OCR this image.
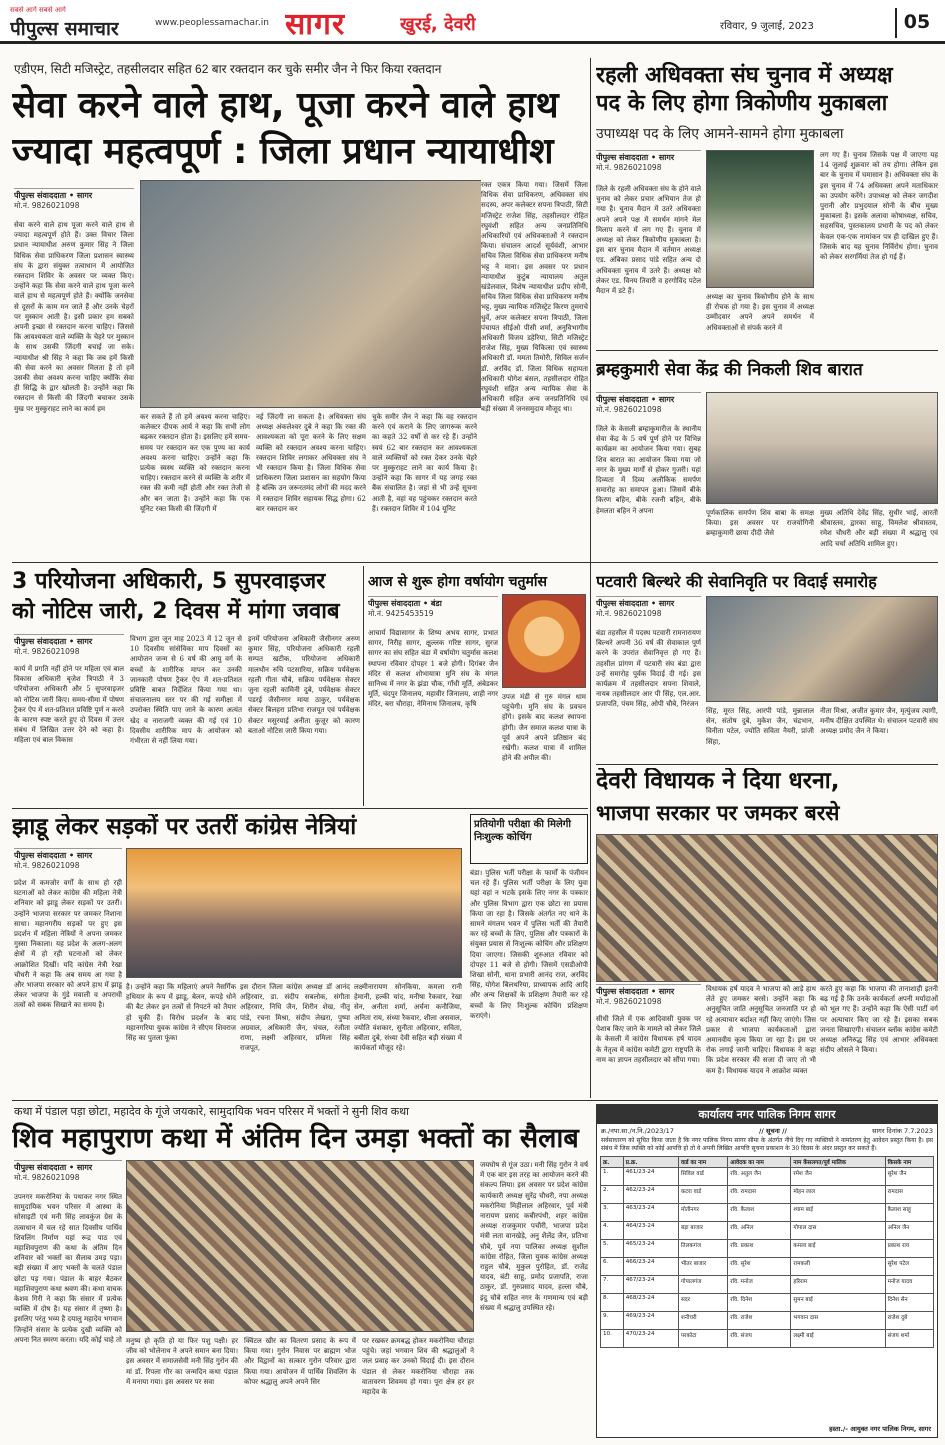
सबसे आगे सबसे आगे
पीपुल्स समाचार	www.peoplessamachar.in सागर	खुरई, देवरी	रविवार, 9 जुलाई, 2023	05
एडीएम, सिटी मजिस्ट्रेट, तहसीलदार सहित 62 बार रक्तदान कर चुके समीर जैन ने फिर किया रक्तदान
सेवा करने वाले हाथ, पूजा करने वाले हाथ
ज्यादा महत्वपूर्ण : जिला प्रधान न्यायाधीश
पीपुल्स संवाददाता • सागर
मो.नं. 9826021098
सेवा करने वाले हाथ पूजा करने वाले हाथ से ज्यादा महत्वपूर्ण होते हैं। उक्त विचार जिला प्रधान न्यायाधीश अरुण कुमार सिंह ने जिला विधिक सेवा प्राधिकरण जिला प्रशासन स्वास्थ्य संघ के द्वारा संयुक्त तत्वाधान में आयोजित रक्तदान शिविर के अवसर पर व्यक्त किए। उन्होंने कहा कि सेवा करने वाले हाथ पूजा करने वाले हाथ से महत्वपूर्ण होते हैं। क्योंकि जनसेवा से दूसरों के काम मन जाते हैं और उनके चेहरों पर मुस्कान आती है। इसी प्रकार हम सबको अपनी इच्छा से रक्तदान करना चाहिए। जिससे कि आवश्यकता वाले व्यक्ति के चेहरे पर मुस्कान के साथ उसकी जिंदगी बचाई जा सके। न्यायाधीश श्री सिंह ने कहा कि जब हमें किसी की सेवा करने का अवसर मिलता है तो हमें उसकी सेवा अवश्य करना चाहिए क्योंकि सेवा ही सिद्धि के द्वार खोलती है। उन्होंने कहा कि रक्तदान से किसी की जिंदगी बचाकर उसके मुख पर मुस्कुराहट लाने का कार्य हम
कर सकते हैं तो हमें अवश्य करना चाहिए। कलेक्टर दीपक आर्य ने कहा कि सभी लोग बढ़कर रक्तदान होता है। इसलिए हमें समय-समय पर रक्तदान कर एक पुण्य का कार्य अवश्य करना चाहिए। उन्होंने कहा कि प्रत्येक स्वस्थ व्यक्ति को रक्तदान करना चाहिए। रक्तदान करने से व्यक्ति के शरीर में रक्त की कमी नहीं होती और रक्त तेजी से और बन जाता है। उन्होंने कहा कि एक यूनिट रक्त किसी की जिंदगी में
नई जिंदगी ला सकता है। अधिवक्ता संघ अध्यक्ष अंकलेश्वर दुबे ने कहा कि रक्त की आवश्यकता को पूरा करने के लिए सक्षम व्यक्ति को रक्तदान अवश्य करना चाहिए। रक्तदान शिविर लगाकर अधिवक्ता संघ ने भी रक्तदान किया है। जिला विधिक सेवा प्राधिकरण जिला प्रशासन का सहयोग किया है बल्कि उन जरूरतमंद लोगों की मदद करने में रक्तदान शिविर सहायक सिद्ध होगा। 62 बार रक्तदान कर
चुके समीर जैन ने कहा कि वह रक्तदान करने एवं कराने के लिए जागरूक करने का कहते 32 वर्षों से कर रहे हैं। उन्होंने स्वयं 62 बार रक्तदान कर आवश्यकता वाले व्यक्तियों को रक्त देकर उनके चेहरे पर मुस्कुराहट लाने का कार्य किया है। उन्होंने कहा कि सागर में यह जगह रक्त बैंक संचालित है। जहां से भी उन्हें सूचना आती है, वहां वह पहुंचकर रक्तदान करते हैं। रक्तदान शिविर में 104 यूनिट
रक्त एकत्र किया गया। जिसमें जिला विधिक सेवा प्राधिकरण, अधिवक्ता संघ सदस्य, अपर कलेक्टर सपना त्रिपाठी, सिटी मजिस्ट्रेट राजेश सिंह, तहसीलदार रोहित रघुवंशी सहित अन्य जनप्रतिनिधि अधिकारियों एवं अधिवक्ताओं ने रक्तदान किया। संचालन आदर्श सूर्यवंशी, आभार सचिव जिला विधिक सेवा प्राधिकरण मनीष भट्ट ने माना। इस अवसर पर प्रधान न्यायाधीश कुटुंब न्यायालय अतुल खंडेलवाल, विशेष न्यायाधीश प्रदीप सोनी, सचिव जिला विधिक सेवा प्राधिकरण मनीष भट्ट, मुख्य न्यायिक मजिस्ट्रेट किरण तुमराचे धुर्वे, अपर कलेक्टर सपना त्रिपाठी, जिला पंचायत सीईओ पीसी शर्मा, अनुविभागीय अधिकारी विजय डहेरिया, सिटी मजिस्ट्रेट राजेश सिंह, मुख्य चिकित्सा एवं स्वास्थ्य अधिकारी डॉ. ममता तिमोरी, सिविल सर्जन डॉ. अरविंद डॉ. जिला विधिक सहायता अधिकारी योगेश बंसल, तहसीलदार रोहित रघुवंशी सहित अन्य न्यायिक सेवा के अधिकारी सहित अन्य जनप्रतिनिधि एवं बड़ी संख्या में जनसमुदाय मौजूद था।
रहली अधिवक्ता संघ चुनाव में अध्यक्ष
पद के लिए होगा त्रिकोणीय मुकाबला
उपाध्यक्ष पद के लिए आमने-सामने होगा मुकाबला
पीपुल्स संवाददाता • सागर
मो.नं. 9826021098
जिले के रहली अधिवक्ता संघ के होने वाले चुनाव को लेकर प्रचार अभियान तेज हो गया है। चुनाव मैदान में उतरे अधिवक्ता अपने अपने पक्ष में समर्थन मांगने मेल मिलाप करने में लग गए हैं। चुनाव में अध्यक्ष को लेकर त्रिकोणीय मुकाबला है। इस बार चुनाव मैदान में वर्तमान अध्यक्ष एड. अंबिका प्रसाद पांडे सहित अन्य दो अधिवक्ता चुनाव में उतरे हैं। अध्यक्ष को लेकर एड. विनय तिवारी व हरगोविंद पटेल मैदान में डटे हैं।
अध्यक्ष का चुनाव त्रिकोणीय होने के साथ ही रोचक हो गया है। इस चुनाव में अध्यक्ष उम्मीदवार अपने अपने समर्थन में अधिवक्ताओं से संपर्क करने में
लग गए हैं। चुनाव जिसके पक्ष में जाएगा यह 14 जुलाई शुक्रवार को तय होगा। लेकिन इस बार के चुनाव में घमासान है। अधिवक्ता संघ के इस चुनाव में 74 अधिवक्ता अपने मताधिकार का उपयोग करेंगे। उपाध्यक्ष को लेकर जगदीश पुरानी और प्रभुदयाल सोनी के बीच मुख्य मुकाबला है। इसके अलावा कोषाध्यक्ष, सचिव, सहसचिव, पुस्तकालय प्रभारी के पद को लेकर केवल एक-एक नामांकन पत्र ही दाखिल हुए हैं। जिसके बाद यह चुनाव निर्विरोध होगा। चुनाव को लेकर सरगर्मियां तेज हो गई हैं।
ब्रम्हकुमारी सेवा केंद्र की निकली शिव बारात
पीपुल्स संवाददाता • सागर
मो.नं. 9826021098
जिले के केसली ब्रम्हाकुमारीज के स्थानीय सेवा केंद्र के 5 वर्ष पूर्ण होने पर विभिन्न कार्यक्रम का आयोजन किया गया। सुबह शिव बारात का आयोजन किया गया जो नगर के मुख्य मार्गों से होकर गुजरी। यहां दिव्यता में दिव्य अलौकिक समर्पण समारोह का समापन हुआ। जिसमें बीके किरण बहिन, बीके रजनी बहिन, बीके हेमलता बहिन ने अपना	पूर्णकालिक समर्पण शिव बाबा के समक्ष किया। इस अवसर पर राजयोगिनी ब्रम्हाकुमारी छाया दीदी जैसे
मुख्य अतिथि देवेंद्र सिंह, सुधीर भाई, आरती श्रीवास्तव, द्वारका साहू, विमलेश श्रीवास्तव, रमेश चौधरी और बड़ी संख्या में श्रद्धालु एवं आदि चर्चा अतिथि शामिल हुए।
3 परियोजना अधिकारी, 5 सुपरवाइजर
को नोटिस जारी, 2 दिवस में मांगा जवाब
पीपुल्स संवाददाता • सागर
मो.नं. 9826021098
कार्य में प्रगति नहीं होने पर महिला एवं बाल विकास अधिकारी बृजेश त्रिपाठी ने 3 परियोजना अधिकारी और 5 सुपरवाइजर को नोटिस जारी किए। समय-सीमा में पोषण ट्रैकर ऐप में शत-प्रतिशत प्रविष्टि पूर्ण न करने के कारण स्पष्ट करते हुए दो दिवस में उत्तर संबंध में लिखित उत्तर देने को कहा है। महिला एवं बाल विकास
विभाग द्वारा जून माह 2023 में 12 जून से 10 दिवसीय सांसेविका माप दिवसों का आयोजन जन्म से 6 वर्ष की आयु वर्ग के बच्चों के शारीरिक मापन कर उनकी जानकारी पोषण ट्रैकर ऐप में शत-प्रतिशत प्रविष्टि बाबत निर्देशित किया गया था। संचालनालय स्तर पर की गई समीक्षा में उपरोक्त स्थिति पाए जाने के कारण अत्यंत खेद व नाराजगी व्यक्त की गई एवं 10 दिवसीय शारीरिक माप के आयोजन को गंभीरता से नहीं लिया गया।
इनमें परियोजना अधिकारी जैसीनगर अरुण कुमार सिंह, परियोजना अधिकारी रहली सम्पत खटीक, परियोजना अधिकारी मालथौन रुचि पटसारिया, सक्रिय पर्यवेक्षक रहली गीता चौबे, सक्रिय पर्यवेक्षक सेक्टर जुना रहली कामिनी दुबे, पर्यवेक्षक सेक्टर पडरई जैसीनगर माया ठाकुर, पर्यवेक्षक सेक्टर बिलहरा प्रतिभा राजपूत एवं पर्यवेक्षक सेक्टर मसुरयाई अनीता कुजूर को कारण बताओ नोटिस जारी किया गया।
आज से शुरू होगा वर्षायोग चतुर्मास
पीपुल्स संवाददाता • बंडा
मो.नं. 9425453519
आचार्य विद्यासागर के शिष्य अभय सागर, प्रभात सागर, निरीह सागर, क्षुल्लक गरिष्ट सागर, सुरज सागर का संघ सहित बंडा में वर्षायोग चतुर्मास कलश स्थापना रविवार दोपहर 1 बजे होगी। दिगंबर जैन मंदिर से कलश शोभायात्रा मुनि संघ के मंगल सानिध्य में नगर के झंडा चौक, गाँधी मूर्ति, अंबेडकर मूर्ति, चंदपुर जिनालय, महावीर जिनालय, शाही नगर मंदिर, बरा चौराहा, नेमिनाथ जिनालय, कृषि
उपज मंडी से गुरु मंगल धाम पहुंचेगी। मुनि संघ के प्रवचन होंगे। इसके बाद कलश स्थापना होगी। जैन समाज कलश यात्रा के पूर्व अपने अपने प्रतिष्ठान बंद रखेगी। कलश यात्रा में शामिल होने की अपील की।
पटवारी बिल्थरे की सेवानिवृति पर विदाई समारोह
पीपुल्स संवाददाता • सागर
मो.नं. 9826021098
बंडा तहसील में पदस्थ पटवारी रामनारायण बिल्थरे अपनी 36 वर्ष की सेवाकाल पूर्ण करने के उपरांत सेवानिवृत्त हो गए हैं। तहसील प्रांगण में पटवारी संघ बंडा द्वारा उन्हें समारोह पूर्वक विदाई दी गई। इस कार्यक्रम में तहसीलदार सपना शिवाले, नायब तहसीलदार आर पी सिंह, एल.आर. प्रजापति, पंचम सिंह, ओपी चौबे, निरंजन
सिंह, मूरत सिंह, आरपी पांडे, मुन्नालाल सेन, संतोष दुबे, मुकेश जैन, चंद्रभान, विनीता पटेल, ज्योति सविता नैयरी, प्रांजी सिंहा,
नीता मिश्रा, अजीत कुमार जैन, मृत्युंजय त्यागी, मनीष दीक्षित उपस्थित थे। संचालन पटवारी संघ अध्यक्ष प्रमोद जैन ने किया।
देवरी विधायक ने दिया धरना,
भाजपा सरकार पर जमकर बरसे
पीपुल्स संवाददाता • सागर
मो.नं. 9826021098
सीधी जिले में एक आदिवासी युवक पर पेशाब किए जाने के मामले को लेकर जिले के केसली में कांग्रेस विधायक हर्ष यादव के नेतृत्व में कांग्रेस कमेटी द्वारा राष्ट्रपति के नाम का ज्ञापन तहसीलदार को सौंपा गया।
विधायक हर्ष यादव ने भाजपा को आड़े हाथ लेते हुए जमकर बरसे। उन्होंने कहा कि अनुसूचित जाति अनुसूचित जनजाति पर हो रहे अत्याचार बर्दाश्त नहीं किए जाएंगे। जिस प्रकार से भाजपा कार्यकताओं द्वारा अमानवीय कृत्य किया जा रहा है। इस पर रोक लगाई जानी चाहिए। विधायक ने कहा कि प्रदेश सरकार की सजा दी जाए तो भी कम है। विधायक यादव ने आक्रोश व्यक्त
करते हुए कहा कि भाजपा की तानाशाही इतनी बढ़ गई है कि उनके कार्यकर्ता अपनी मर्यादाओं को भूल गए हैं। उन्होंने कहा कि ऐसी पार्टी वर्ग पर अत्याचार किए जा रहे हैं। इसका सबक जनता सिखाएगी। संचालन ब्लॉक कांग्रेस कमेटी अध्यक्ष अनिरुद्ध सिंह एवं आभार अधिवक्ता संदीप ओसले ने किया।
झाडू लेकर सड़कों पर उतरीं कांग्रेस नेत्रियां
पीपुल्स संवाददाता • सागर
मो.नं. 9826021098
प्रदेश में कमजोर वर्गों के साथ हो रही घटनाओं को लेकर कांग्रेस की महिला नेत्री शनिवार को झाडू लेकर सड़कों पर उतरीं। उन्होंने भाजपा सरकार पर जमकर निशाना साधा। महानगरीय सड़कों पर हुए इस प्रदर्शन में महिला नेत्रियों ने अपना जमकर गुस्सा निकाला। यह प्रदेश के अलग-अलग क्षेत्रों में हो रही घटनाओं को लेकर आक्रोशित दिखीं। यदि कांग्रेस नेत्री रेखा चौधरी ने कहा कि अब समय आ गया है और भाजपा सरकार को अपने हाथ में झाडू लेकर भाजपा के गुंडे मवाली व अपराधी तत्वों को सबक सिखाने का समय है।
है। उन्होंने कहा कि महिलाएं अपने नैसर्गिक हथियार के रूप में झाडू, बेलन, कपड़े धोने की बैट लेकर इन तत्वों से निपटने को तैयार हो चुकी हैं। विरोध प्रदर्शन के बाद महानगरिया युवक कांग्रेस ने सीएम शिवराज सिंह का पुतला फूंका
इस दौरान जिला कांग्रेस अध्यक्ष डॉ आनंद अहिरवार, डा. संदीप सबलोक, संगीता अहिरवार, निधि जैन, शिरीन शेख, नीतू पांडे, रचना मिश्रा, संदीप लेखरा, पुष्पा अग्रवाल, अधिकारी जैन, चंचल, रंजीता राणा, लक्ष्मी अहिरवार, प्रमिला सिंह राजपूत,
लक्ष्मीनारायण सोनकिया, कमला रानी हेमानी, हल्की चांद, मनीषा रैकवार, रेखा सेन, अनीता शर्मा, अर्चना कनौजिया, अनिता राय, संध्या रैकवार, शीला असवाल, ज्योति वंशकार, सुनीता अहिरवार, सविता, बबीता दुबे, संध्या देवी सहित बड़ी संख्या में कार्यकर्ता मौजूद रहे।
प्रतियोगी परीक्षा की मिलेगी निःशुल्क कोचिंग
बंडा। पुलिस भर्ती परीक्षा के फार्मों के पंजीयन चल रहे हैं। पुलिस भर्ती परीक्षा के लिए युवा यहां वहां न भटके इसके लिए नगर के पत्रकार और पुलिस विभाग द्वारा एक छोटा सा प्रयास किया जा रहा है। जिसके अंतर्गत नए थाने के सामने मंगलम भवन में पुलिस भर्ती की तैयारी कर रहे बच्चों के लिए, पुलिस और पत्रकारों के संयुक्त प्रयास से निःशुल्क कोचिंग और प्रशिक्षण दिया जाएगा। जिसकी शुरुआत रविवार को दोपहर 11 बजे से होगी। जिसमें एसडीओपी शिखा सोनी, थाना प्रभारी आनंद राज, अरविंद सिंह, योगेश बिलथरिया, प्राध्यापक आदि आदि और अन्य शिक्षकों के प्रशिक्षण तैयारी कर रहे बच्चों के लिए निःशुल्क कोचिंग प्रशिक्षण कराएंगे।
कथा में पंडाल पड़ा छोटा, महादेव के गूंजे जयकारे, सामुदायिक भवन परिसर में भक्तों ने सुनी शिव कथा
शिव महापुराण कथा में अंतिम दिन उमड़ा भक्तों का सैलाब
पीपुल्स संवाददाता • सागर
मो.नं. 9826021098
उपनगर मकरोनिया के पथाकर नगर स्थित सामुदायिक भवन परिसर में आस्था के सोसाइटी एवं मनी सिंह लावकुंज ग्रेस के तत्वाधान में चल रहे सात दिवसीय पार्थिव शिवलिंग निर्माण यहां रूद्र पाठ एवं महाशिवपुराण की कथा के अंतिम दिन शनिवार को भक्तों का सैलाब उमड़ पड़ा। बड़ी संख्या में आए भक्तों के चलते पंडाल छोटा पड़ गया। पंडाल के बाहर बैठकर महाशिवपुराण कथा श्रवण की। कथा वाचक केशव गिरी ने कहा कि संसार में प्रत्येक व्यक्ति में दोष है। यह संसार में तृष्णा है। इसलिए परंतु भव्य है दयालु महादेव भगवान जिन्होंने संसार के प्रत्येक दुखी व्यक्ति को अपना नित स्मरण करता। यदि कोई चाहे तो मनुष्य हो कृति हो या फिर पशु पक्षी। हर जीव को भोलेनाथ ने अपने समान बना दिया। इस अवसर में समाजसेवी मनी सिंह गुरोन की मां डॉ. रिपला गौर का जन्मदिन कथा पंडाल में मनाया गया। इस अवसर पर सवा
क्विंटल खीर का वितरण प्रसाद के रूप में किया गया। गुरोन निवास पर ब्राह्मण भोज और विद्वानों का सत्कार गुरोन परिवार द्वारा किया गया। आयोजन में पार्थिव शिवलिंग के कोपर श्रद्धालु अपने अपने सिर
पर रखकर क्रमबद्ध होकर मकरोनिया चौराहा पहुंचे। जहां भगवान शिव की श्रद्धालुओं ने जल प्रवाह कर उनको विदाई दी। इस दौरान पंडाल से लेकर मकरोनिया चौराहा तक वातावरण शिवमय हो गया। पूरा क्षेत्र हर हर महादेव के
जयघोष से गूंज उठा। मनी सिंह गुरोन ने वर्ष में एक बार इस तरह का आयोजन करने की संकल्प लिया। इस अवसर पर प्रदेश कांग्रेस कार्यकारी अध्यक्ष सुरेंद्र चौधरी, नपा अध्यक्ष मकरोनिया मिहीलाल अहिरवार, पूर्व मंत्री नारायण प्रसाद कबीरपंथी, शहर कांग्रेस अध्यक्ष राजकुमार पचौरी, भाजपा प्रदेश मंत्री लता वानखेड़े, अनु शैलेंद्र जैन, प्रतिभा चौबे, पूर्व नपा पालिका अध्यक्ष सुशील कांग्रेस रोहित, जिला युवक कांग्रेस अध्यक्ष राहुल चौबे, मुकुल पुरोहित, डॉ. राजेंद्र यादव, बंटी साहू, प्रमोद प्रजापति, राजा ठाकुर, डॉ. गुरुप्रसाद यादव, हल्ला चौबे, इंदु चौबे सहित नगर के गणमान्य एवं बड़ी संख्या में श्रद्धालु उपस्थित रहे।
कार्यालय नगर पालिक निगम सागर
क्र./नपा.सा./न.नि./2023/17	// सूचना //	सागर दिनांक 7.7.2023
सर्वसाधारण को सूचित किया जाता है कि नगर पालिक निगम सागर सीमा के अंतर्गत नीचे दिए गए व्यक्तियों ने नामांतरण हेतु आवेदन प्रस्तुत किया है। इस संबंध में जिस व्यक्ति को कोई आपत्ति हो तो वे अपनी लिखित आपत्ति सूचना प्रकाशन के 30 दिवस के अंदर प्रस्तुत कर सकते हैं।
क्र.	प्र.क्र.	वार्ड का नाम	आवेदक का नाम	नाम केंसलगत/पूर्व मालिक	किसके नाम
1.	461/23-24	सिविल वार्ड	रवि. अतुल जैन	रमेश जैन	सुरेश जैन
2.	462/23-24	कटरा वार्ड	रवि. रामदास	मोहन लाल	रामदास
3.	463/23-24	मोतीनगर	रवि. कैलाश	श्याम बाई	कैलाश साहू
4.	464/23-24	बड़ा बाजार	रवि. अनिल	गोपाल दास	अनिल जैन
5.	465/23-24	तिलकगंज	रवि. प्रकाश	कमला बाई	प्रकाश राय
6.	466/23-24	भीतर बाजार	रवि. सुरेश	रामकली	सुरेश पटेल
7.	467/23-24	गोपालगंज	रवि. मनोज	हरिराम	मनोज यादव
8.	468/23-24	सदर	रवि. दिनेश	सुमन बाई	दिनेश सेन
9.	469/23-24	शनीचरी	रवि. राजेश	भगवान दास	राजेश दुबे
10.	470/23-24	परकोटा	रवि. संजय	लक्ष्मी बाई	संजय शर्मा
हस्ता./- आयुक्त नगर पालिक निगम, सागर
